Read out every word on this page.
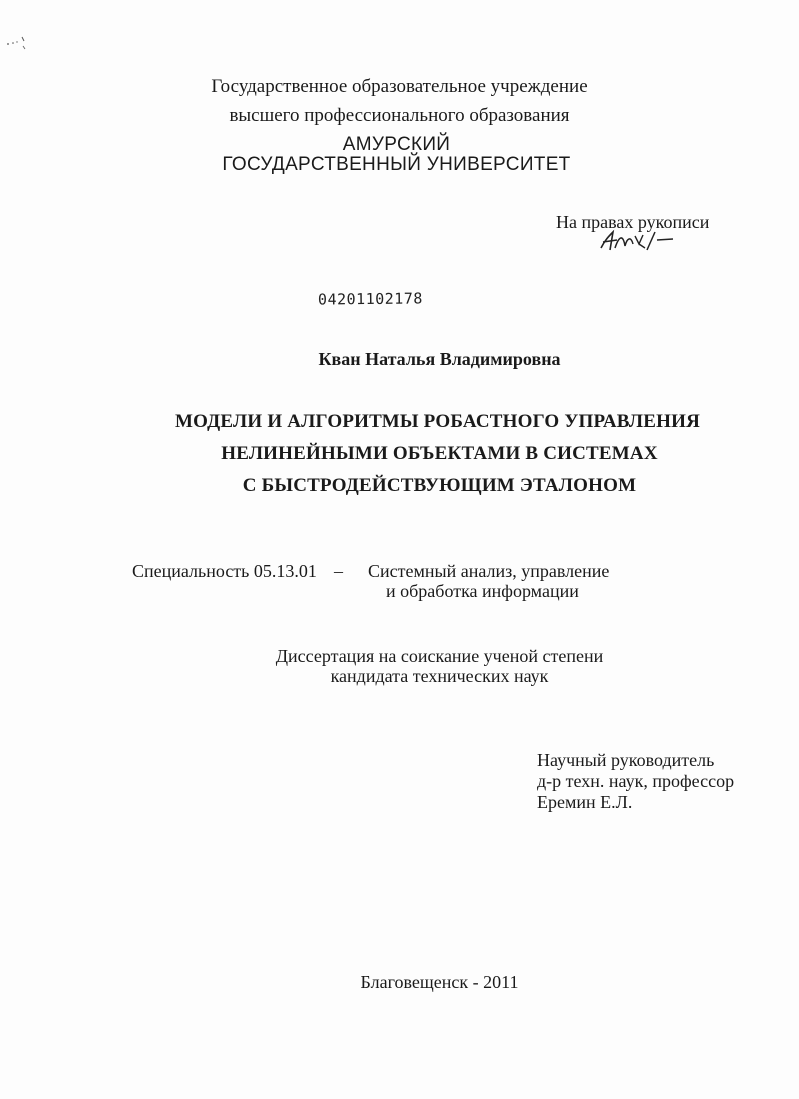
Государственное образовательное учреждение
высшего профессионального образования
АМУРСКИЙ
ГОСУДАРСТВЕННЫЙ УНИВЕРСИТЕТ
На правах рукописи
04201102178
Кван Наталья Владимировна
МОДЕЛИ И АЛГОРИТМЫ РОБАСТНОГО УПРАВЛЕНИЯ
НЕЛИНЕЙНЫМИ ОБЪЕКТАМИ В СИСТЕМАХ
С БЫСТРОДЕЙСТВУЮЩИМ ЭТАЛОНОМ
Специальность 05.13.01 – Системный анализ, управление
и обработка информации
Диссертация на соискание ученой степени
кандидата технических наук
Научный руководитель
д-р техн. наук, профессор
Еремин Е.Л.
Благовещенск - 2011
